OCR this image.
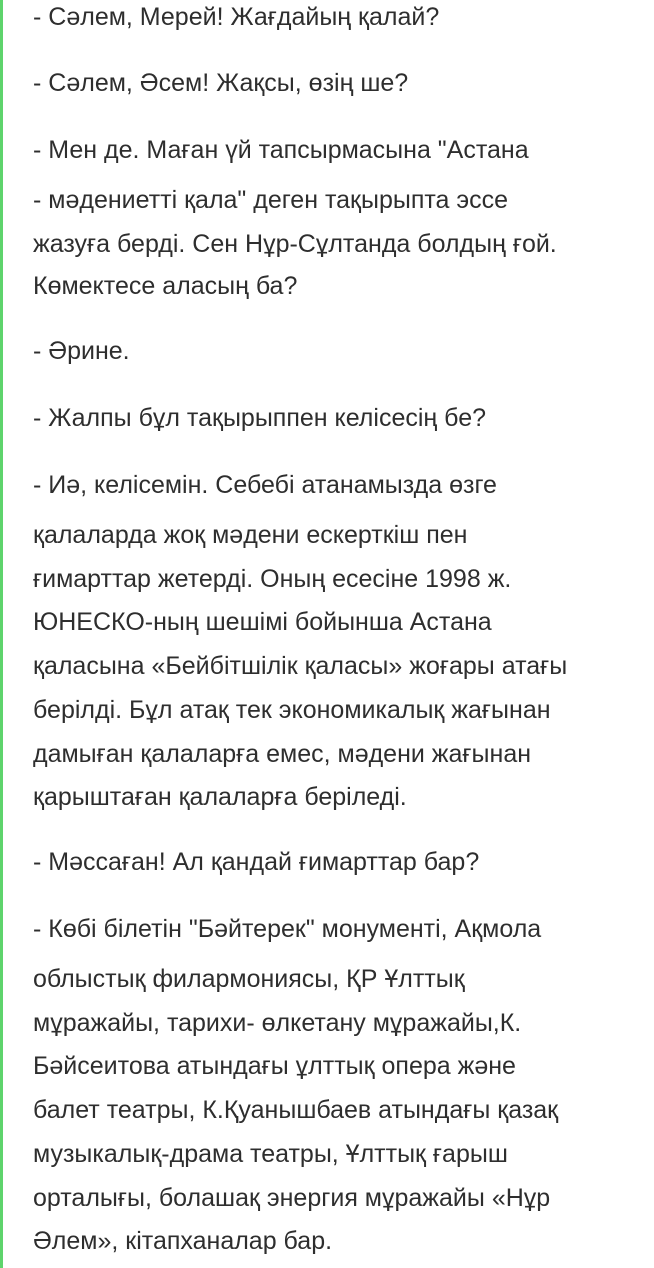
- Сәлем, Мерей! Жағдайың қалай?
- Сәлем, Әсем! Жақсы, өзің ше?
- Мен де. Маған үй тапсырмасына "Астана
- мәдениетті қала" деген тақырыпта эссе
жазуға берді. Сен Нұр-Сұлтанда болдың ғой.
Көмектесе аласың ба?
- Әрине.
- Жалпы бұл тақырыппен келісесің бе?
- Иә, келісемін. Себебі атанамызда өзге
қалаларда жоқ мәдени ескерткіш пен
ғимарттар жетерді. Оның есесіне 1998 ж.
ЮНЕСКО-ның шешімі бойынша Астана
қаласына «Бейбітшілік қаласы» жоғары атағы
берілді. Бұл атақ тек экономикалық жағынан
дамыған қалаларға емес, мәдени жағынан
қарыштаған қалаларға беріледі.
- Мәссаған! Ал қандай ғимарттар бар?
- Көбі білетін "Бәйтерек" монументі, Ақмола
облыстық филармониясы, ҚР Ұлттық
мұражайы, тарихи- өлкетану мұражайы,К.
Бәйсеитова атындағы ұлттық опера және
балет театры, К.Қуанышбаев атындағы қазақ
музыкалық-драма театры, Ұлттық ғарыш
орталығы, болашақ энергия мұражайы «Нұр
Әлем», кітапханалар бар.
